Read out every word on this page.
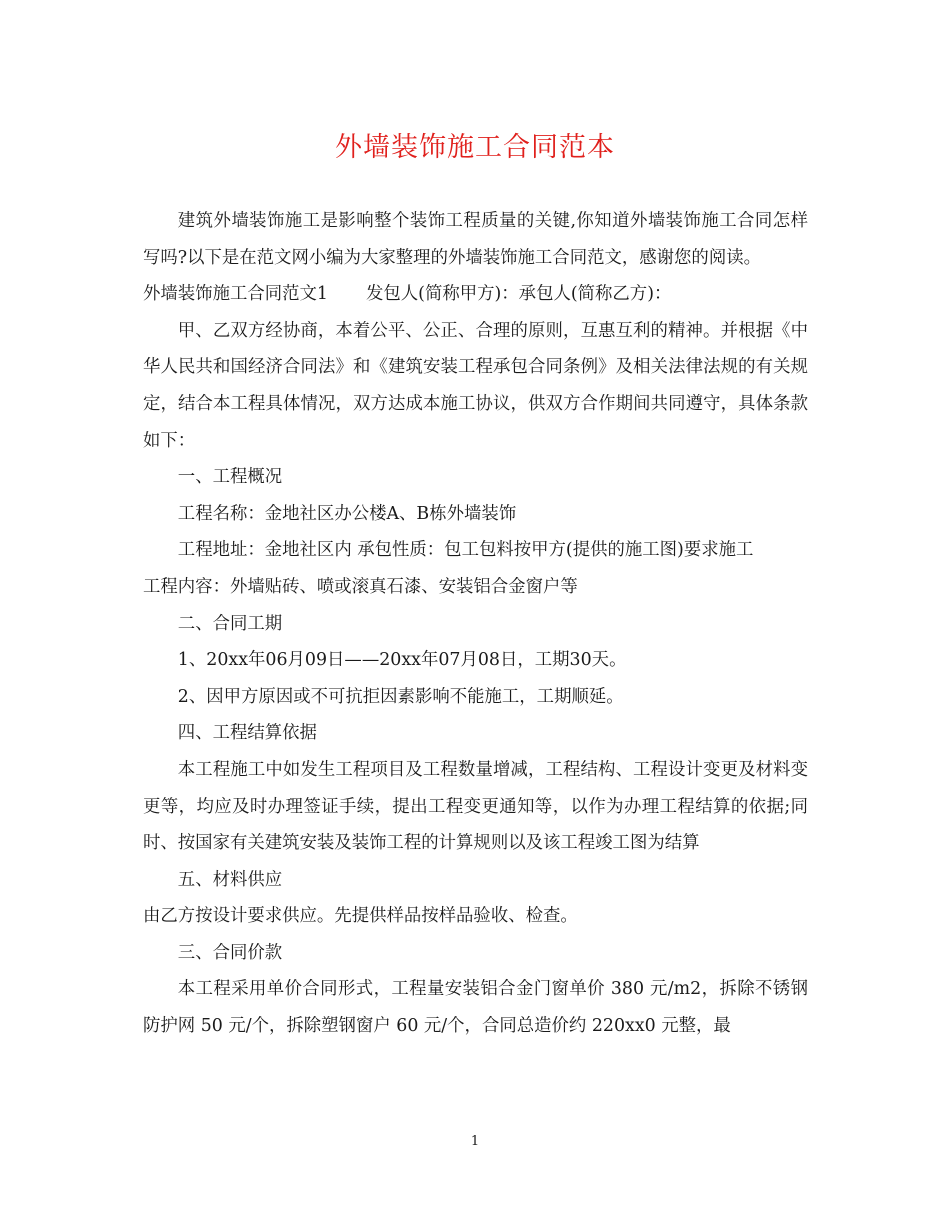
外墙装饰施工合同范本

建筑外墙装饰施工是影响整个装饰工程质量的关键,你知道外墙装饰施工合同怎样写吗?以下是在范文网小编为大家整理的外墙装饰施工合同范文，感谢您的阅读。

外墙装饰施工合同范文1 发包人(简称甲方)：承包人(简称乙方)：

甲、乙双方经协商，本着公平、公正、合理的原则，互惠互利的精神。并根据《中华人民共和国经济合同法》和《建筑安装工程承包合同条例》及相关法律法规的有关规定，结合本工程具体情况，双方达成本施工协议，供双方合作期间共同遵守，具体条款如下：

一、工程概况

工程名称：金地社区办公楼A、B栋外墙装饰

工程地址：金地社区内 承包性质：包工包料按甲方(提供的施工图)要求施工

工程内容：外墙贴砖、喷或滚真石漆、安装铝合金窗户等

二、合同工期

1、20xx年06月09日——20xx年07月08日，工期30天。

2、因甲方原因或不可抗拒因素影响不能施工，工期顺延。

四、工程结算依据

本工程施工中如发生工程项目及工程数量增减，工程结构、工程设计变更及材料变更等，均应及时办理签证手续，提出工程变更通知等，以作为办理工程结算的依据;同时、按国家有关建筑安装及装饰工程的计算规则以及该工程竣工图为结算

五、材料供应

由乙方按设计要求供应。先提供样品按样品验收、检查。

三、合同价款

本工程采用单价合同形式，工程量安装铝合金门窗单价 380 元/m2，拆除不锈钢防护网 50 元/个，拆除塑钢窗户 60 元/个，合同总造价约 220xx0 元整，最

1
